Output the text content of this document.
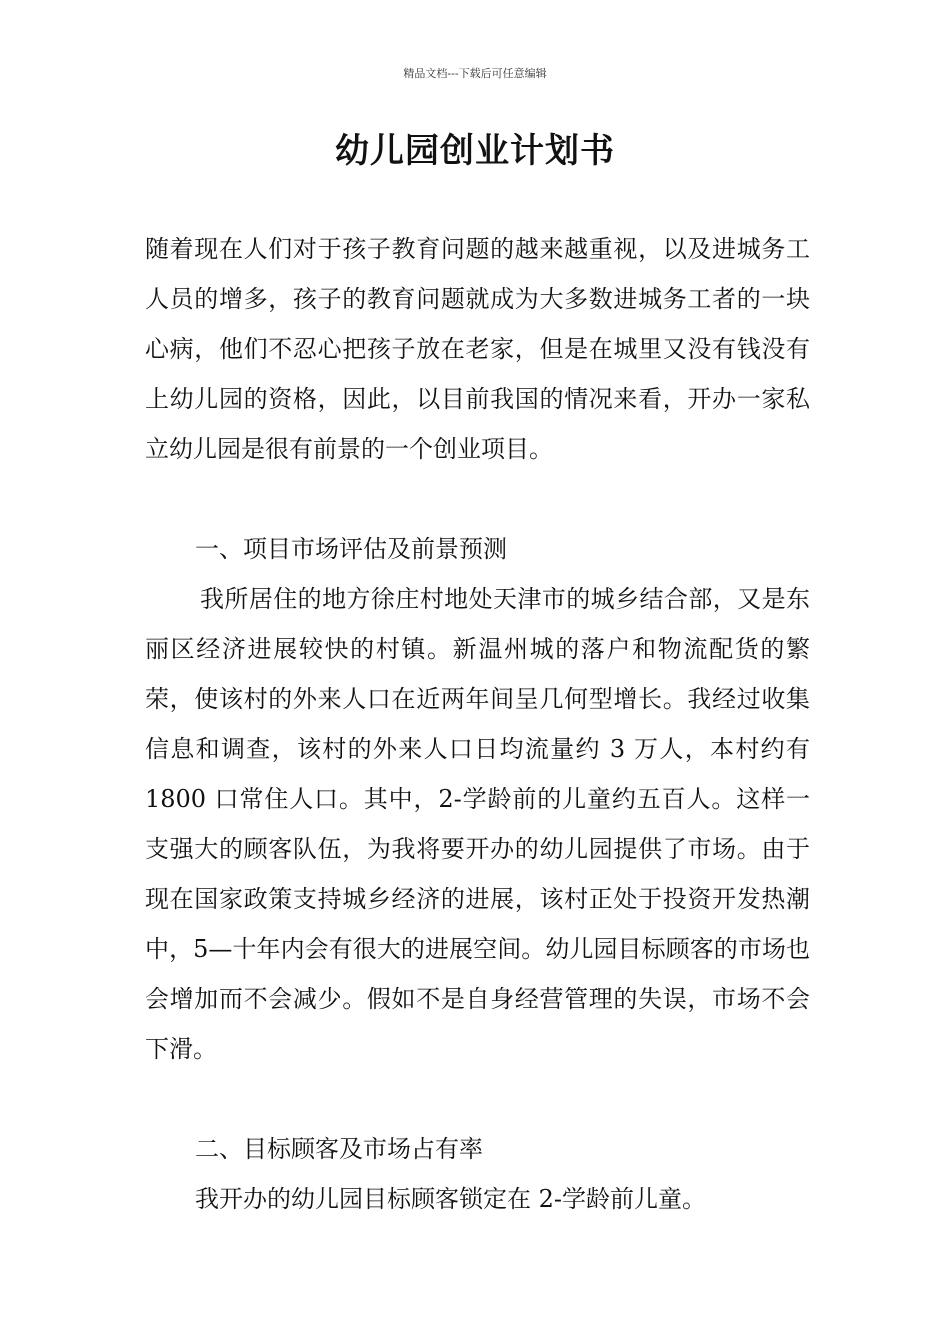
精品文档---下载后可任意编辑
幼儿园创业计划书

随着现在人们对于孩子教育问题的越来越重视，以及进城务工人员的增多，孩子的教育问题就成为大多数进城务工者的一块心病，他们不忍心把孩子放在老家，但是在城里又没有钱没有上幼儿园的资格，因此，以目前我国的情况来看，开办一家私立幼儿园是很有前景的一个创业项目。

一、项目市场评估及前景预测

我所居住的地方徐庄村地处天津市的城乡结合部，又是东丽区经济进展较快的村镇。新温州城的落户和物流配货的繁荣，使该村的外来人口在近两年间呈几何型增长。我经过收集信息和调查，该村的外来人口日均流量约 3 万人，本村约有 1800 口常住人口。其中，2-学龄前的儿童约五百人。这样一支强大的顾客队伍，为我将要开办的幼儿园提供了市场。由于现在国家政策支持城乡经济的进展，该村正处于投资开发热潮中，5—十年内会有很大的进展空间。幼儿园目标顾客的市场也会增加而不会减少。假如不是自身经营管理的失误，市场不会下滑。

二、目标顾客及市场占有率

我开办的幼儿园目标顾客锁定在 2-学龄前儿童。
